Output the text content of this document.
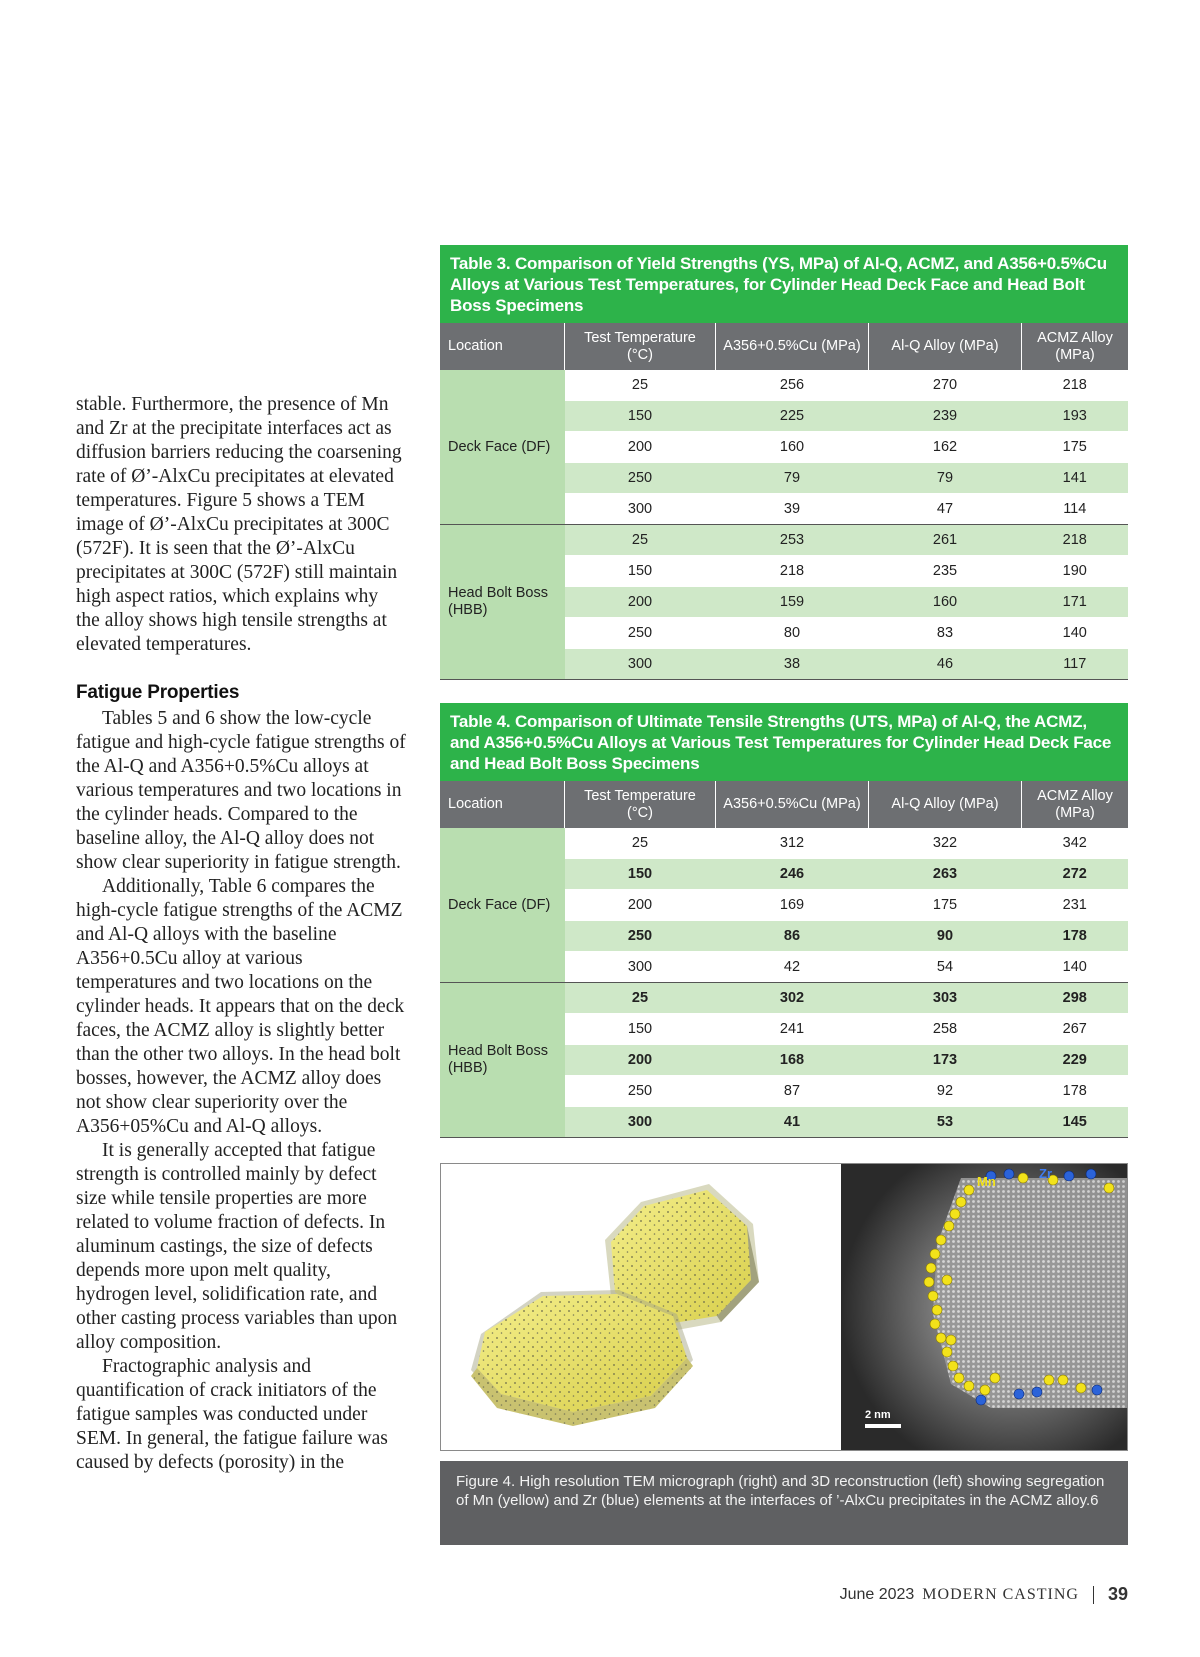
stable. Furthermore, the presence of Mn and Zr at the precipitate interfaces act as diffusion barriers reducing the coarsening rate of Ø’-AlxCu precipitates at elevated temperatures. Figure 5 shows a TEM image of Ø’-AlxCu precipitates at 300C (572F). It is seen that the Ø’-AlxCu precipitates at 300C (572F) still maintain high aspect ratios, which explains why the alloy shows high tensile strengths at elevated temperatures.

Fatigue Properties

Tables 5 and 6 show the low-cycle fatigue and high-cycle fatigue strengths of the Al-Q and A356+0.5%Cu alloys at various temperatures and two locations in the cylinder heads. Compared to the baseline alloy, the Al-Q alloy does not show clear superiority in fatigue strength.

Additionally, Table 6 compares the high-cycle fatigue strengths of the ACMZ and Al-Q alloys with the baseline A356+0.5Cu alloy at various temperatures and two locations on the cylinder heads. It appears that on the deck faces, the ACMZ alloy is slightly better than the other two alloys. In the head bolt bosses, however, the ACMZ alloy does not show clear superiority over the A356+05%Cu and Al-Q alloys.

It is generally accepted that fatigue strength is controlled mainly by defect size while tensile properties are more related to volume fraction of defects. In aluminum castings, the size of defects depends more upon melt quality, hydrogen level, solidification rate, and other casting process variables than upon alloy composition.

Fractographic analysis and quantification of crack initiators of the fatigue samples was conducted under SEM. In general, the fatigue failure was caused by defects (porosity) in the

Table 3. Comparison of Yield Strengths (YS, MPa) of Al-Q, ACMZ, and A356+0.5%Cu Alloys at Various Test Temperatures, for Cylinder Head Deck Face and Head Bolt Boss Specimens
Location	Test Temperature (°C)	A356+0.5%Cu (MPa)	Al-Q Alloy (MPa)	ACMZ Alloy (MPa)
Deck Face (DF)	25	256	270	218
	150	225	239	193
	200	160	162	175
	250	79	79	141
	300	39	47	114
Head Bolt Boss (HBB)	25	253	261	218
	150	218	235	190
	200	159	160	171
	250	80	83	140
	300	38	46	117
Table 4. Comparison of Ultimate Tensile Strengths (UTS, MPa) of Al-Q, the ACMZ, and A356+0.5%Cu Alloys at Various Test Temperatures for Cylinder Head Deck Face and Head Bolt Boss Specimens
Location	Test Temperature (°C)	A356+0.5%Cu (MPa)	Al-Q Alloy (MPa)	ACMZ Alloy (MPa)
Deck Face (DF)	25	312	322	342
	150	246	263	272
	200	169	175	231
	250	86	90	178
	300	42	54	140
Head Bolt Boss (HBB)	25	302	303	298
	150	241	258	267
	200	168	173	229
	250	87	92	178
	300	41	53	145
Mn
Zr
2 nm
Figure 4. High resolution TEM micrograph (right) and 3D reconstruction (left) showing segregation of Mn (yellow) and Zr (blue) elements at the interfaces of ’-AlxCu precipitates in the ACMZ alloy.6
June 2023 MODERN CASTING 39
